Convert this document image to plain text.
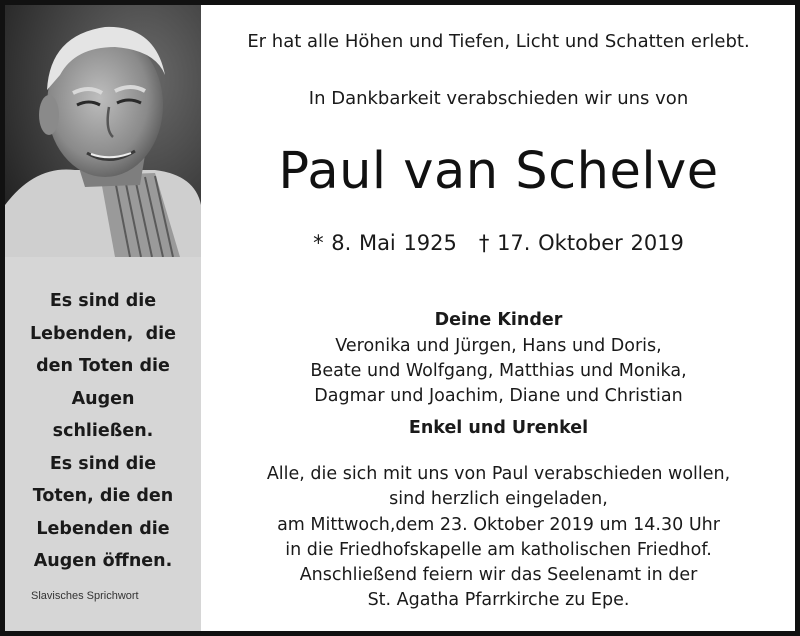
Es sind die
Lebenden,  die
den Toten die
Augen
schließen.
Es sind die
Toten, die den
Lebenden die
Augen öffnen.
Slavisches Sprichwort
Er hat alle Höhen und Tiefen, Licht und Schatten erlebt.
In Dankbarkeit verabschieden wir uns von
Paul van Schelve
* 8. Mai 1925 † 17. Oktober 2019
Deine Kinder
Veronika und Jürgen, Hans und Doris,
Beate und Wolfgang, Matthias und Monika,
Dagmar und Joachim, Diane und Christian
Enkel und Urenkel
Alle, die sich mit uns von Paul verabschieden wollen,
sind herzlich eingeladen,
am Mittwoch,dem 23. Oktober 2019 um 14.30 Uhr
in die Friedhofskapelle am katholischen Friedhof.
Anschließend feiern wir das Seelenamt in der
St. Agatha Pfarrkirche zu Epe.
